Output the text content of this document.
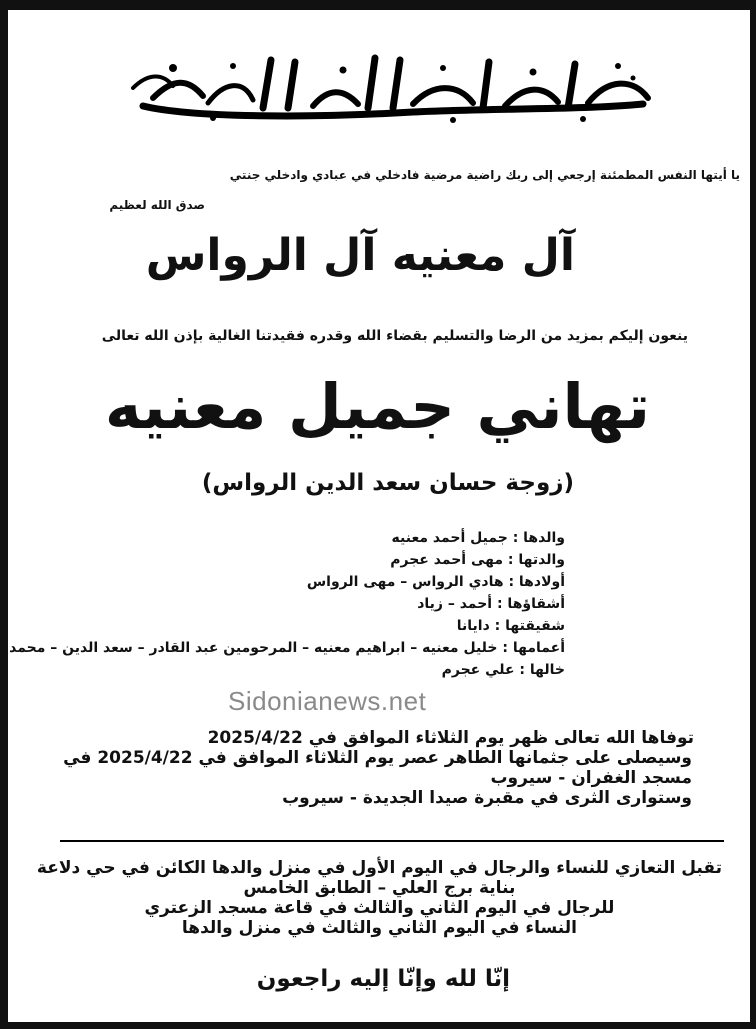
يا أيتها النفس المطمئنة إرجعي إلى ربك راضية مرضية فادخلي في عبادي وادخلي جنتي
صدق الله لعظيم
آل معنيه آل الرواس
ينعون إليكم بمزيد من الرضا والتسليم بقضاء الله وقدره فقيدتنا الغالية بإذن الله تعالى
تهاني جميل معنيه
(زوجة حسان سعد الدين الرواس)
والدها : جميل أحمد معنيه
والدتها : مهى أحمد عجرم
أولادها : هادي الرواس – مهى الرواس
أشقاؤها : أحمد – زياد
شقيقتها : دايانا
أعمامها : خليل معنيه – ابراهيم معنيه – المرحومين عبد القادر – سعد الدين – محمد
خالها : علي عجرم
Sidonianews.net
توفاها الله تعالى ظهر يوم الثلاثاء الموافق في 2025/4/22
وسيصلى على جثمانها الطاهر عصر يوم الثلاثاء الموافق في 2025/4/22 في
مسجد الغفران - سيروب
وستوارى الثرى في مقبرة صيدا الجديدة - سيروب
تقبل التعازي للنساء والرجال في اليوم الأول في منزل والدها الكائن في حي دلاعة
بناية برج العلي – الطابق الخامس
للرجال في اليوم الثاني والثالث في قاعة مسجد الزعتري
النساء في اليوم الثاني والثالث في منزل والدها
إنّا لله وإنّا إليه راجعون
